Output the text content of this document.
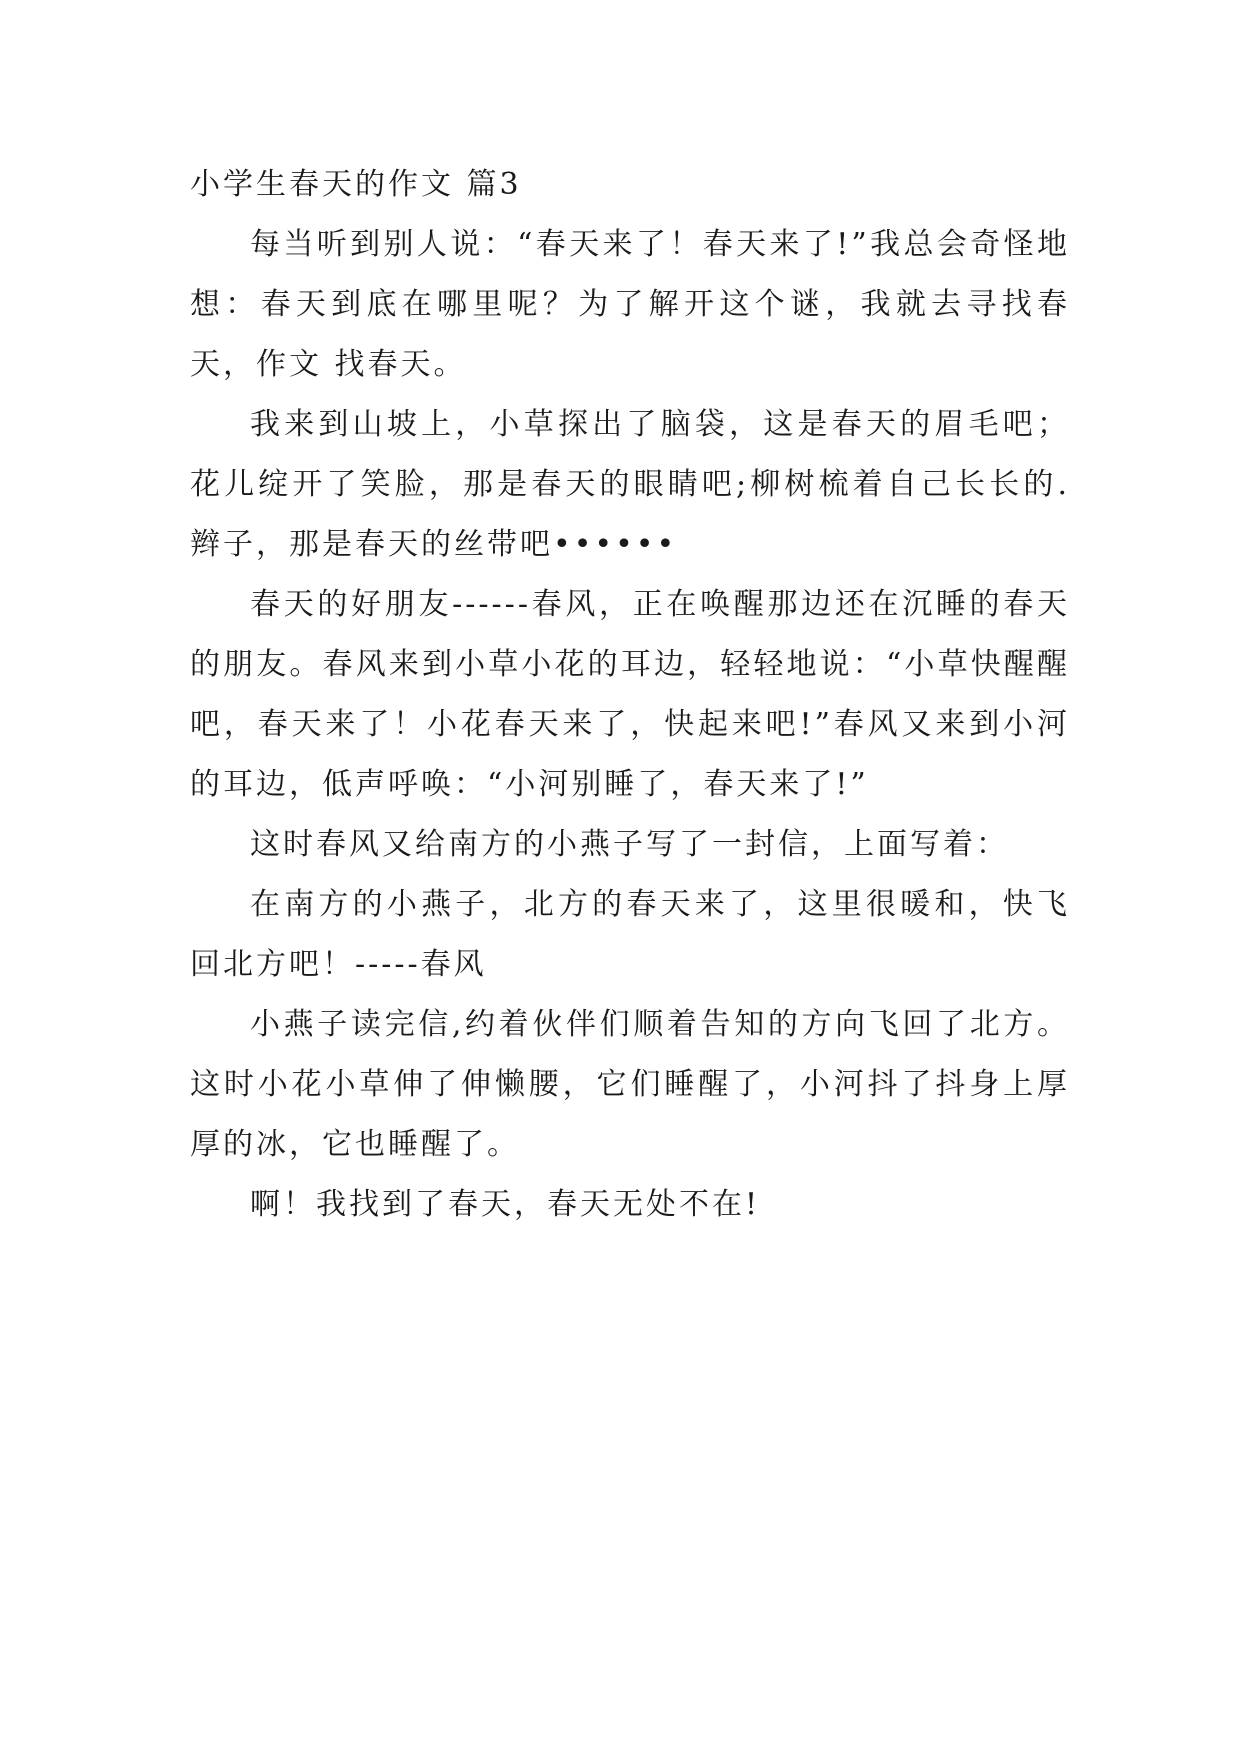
小学生春天的作文 篇3

每当听到别人说：“春天来了！春天来了!”我总会奇怪地想：春天到底在哪里呢？为了解开这个谜，我就去寻找春天，作文 找春天。

我来到山坡上，小草探出了脑袋，这是春天的眉毛吧；花儿绽开了笑脸，那是春天的眼睛吧;柳树梳着自己长长的.辫子，那是春天的丝带吧••••••

春天的好朋友------春风，正在唤醒那边还在沉睡的春天的朋友。春风来到小草小花的耳边，轻轻地说：“小草快醒醒吧，春天来了！小花春天来了，快起来吧!”春风又来到小河的耳边，低声呼唤：“小河别睡了，春天来了!”

这时春风又给南方的小燕子写了一封信，上面写着：

在南方的小燕子，北方的春天来了，这里很暖和，快飞回北方吧！-----春风

小燕子读完信,约着伙伴们顺着告知的方向飞回了北方。这时小花小草伸了伸懒腰，它们睡醒了，小河抖了抖身上厚厚的冰，它也睡醒了。

啊！我找到了春天，春天无处不在!
